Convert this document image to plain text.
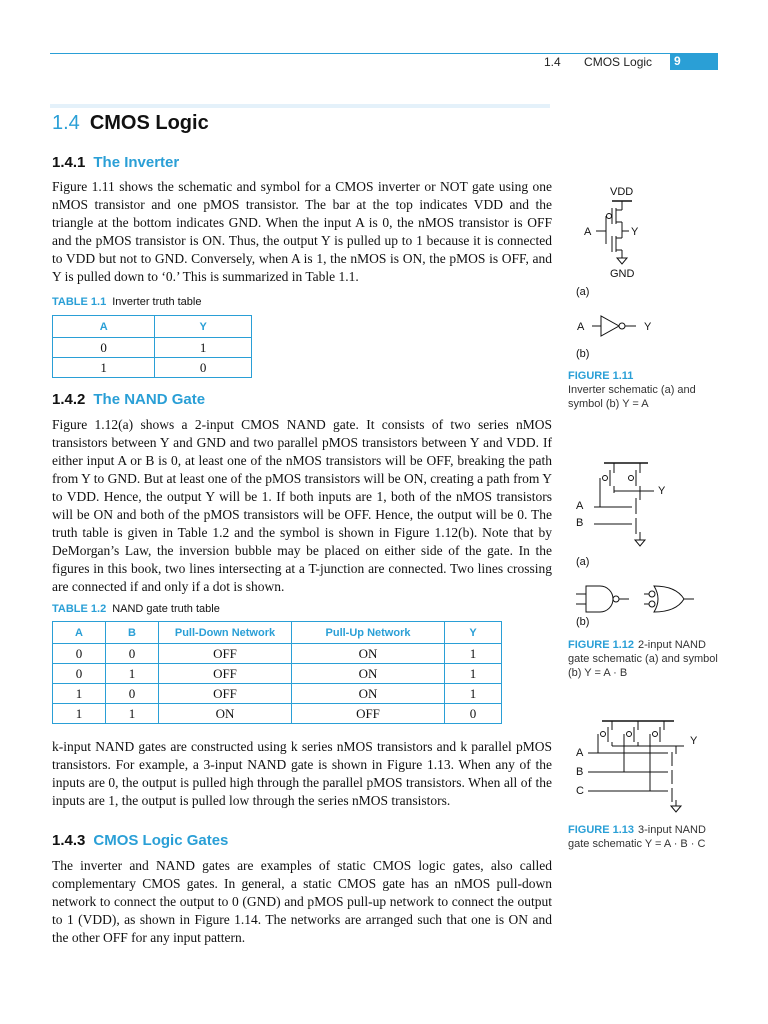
1.4 CMOS Logic	9
1.4 CMOS Logic
1.4.1 The Inverter
Figure 1.11 shows the schematic and symbol for a CMOS inverter or NOT gate using one nMOS transistor and one pMOS transistor. The bar at the top indicates VDD and the triangle at the bottom indicates GND. When the input A is 0, the nMOS transistor is OFF and the pMOS transistor is ON. Thus, the output Y is pulled up to 1 because it is connected to VDD but not to GND. Conversely, when A is 1, the nMOS is ON, the pMOS is OFF, and Y is pulled down to ‘0.’ This is summarized in Table 1.1.
TABLE 1.1 Inverter truth table
A	Y
0	1
1	0
1.4.2 The NAND Gate
Figure 1.12(a) shows a 2-input CMOS NAND gate. It consists of two series nMOS transistors between Y and GND and two parallel pMOS transistors between Y and VDD. If either input A or B is 0, at least one of the nMOS transistors will be OFF, breaking the path from Y to GND. But at least one of the pMOS transistors will be ON, creating a path from Y to VDD. Hence, the output Y will be 1. If both inputs are 1, both of the nMOS transistors will be ON and both of the pMOS transistors will be OFF. Hence, the output will be 0. The truth table is given in Table 1.2 and the symbol is shown in Figure 1.12(b). Note that by DeMorgan’s Law, the inversion bubble may be placed on either side of the gate. In the figures in this book, two lines intersecting at a T-junction are connected. Two lines crossing are connected if and only if a dot is shown.
TABLE 1.2 NAND gate truth table
A	B	Pull-Down Network	Pull-Up Network	Y
0	0	OFF	ON	1
0	1	OFF	ON	1
1	0	OFF	ON	1
1	1	ON	OFF	0
k-input NAND gates are constructed using k series nMOS transistors and k parallel pMOS transistors. For example, a 3-input NAND gate is shown in Figure 1.13. When any of the inputs are 0, the output is pulled high through the parallel pMOS transistors. When all of the inputs are 1, the output is pulled low through the series nMOS transistors.
1.4.3 CMOS Logic Gates
The inverter and NAND gates are examples of static CMOS logic gates, also called complementary CMOS gates. In general, a static CMOS gate has an nMOS pull-down network to connect the output to 0 (GND) and pMOS pull-up network to connect the output to 1 (VDD), as shown in Figure 1.14. The networks are arranged such that one is ON and the other OFF for any input pattern.
VDD
Y
GND
A
(a)
A	Y
(b)
FIGURE 1.11
Inverter schematic (a) and symbol (b) Y = A
Y
A
B
(a)
(b)
FIGURE 1.12 2-input NAND gate schematic (a) and symbol (b) Y = A · B
Y
A
B
C
FIGURE 1.13 3-input NAND gate schematic Y = A · B · C
